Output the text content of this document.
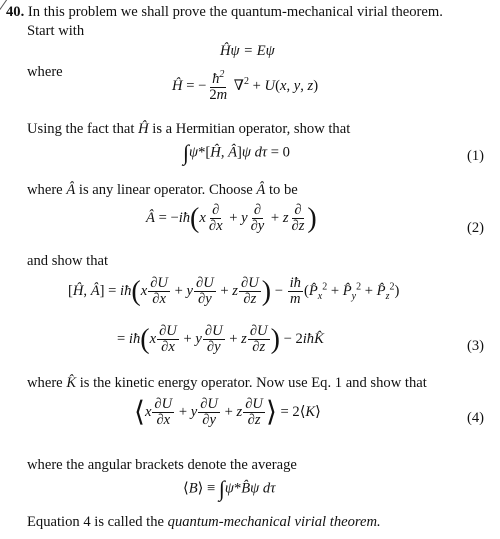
40. In this problem we shall prove the quantum-mechanical virial theorem.
Start with
Ĥψ = Eψ
where
Ĥ = − $\frac{ħ^2}{2m} \nabla^2 + U(x$, y, z)
Using the fact that Ĥ is a Hermitian operator, show that
∫ψ*[Ĥ, Â]ψ dτ = 0	(1)
where Â is any linear operator. Choose Â to be
Â = −iħ(x $\frac{\partial}{\partial x} + y \frac{\partial}{\partial y} + z \frac{\partial}{\partial z}$ )	(2)
and show that
[Ĥ, Â] = iħ(x $\frac{\partial U}{\partial x} + y \frac{\partial U}{\partial y} + z \frac{\partial U}{\partial z}$ ) − $\frac{iħ}{m}$ ($P̂_x^2$ + $P̂_y^2$ + $P̂_z^2$)
= iħ(x $\frac{\partial U}{\partial x} + y \frac{\partial U}{\partial y} + z \frac{\partial U}{\partial z}$ ) − 2iħK̂	(3)
where K̂ is the kinetic energy operator. Now use Eq. 1 and show that
⟨x $\frac{\partial U}{\partial x} + y \frac{\partial U}{\partial y} + z \frac{\partial U}{\partial z}$ ⟩ = 2⟨K⟩	(4)
where the angular brackets denote the average
⟨B⟩ ≡ ∫ψ*B̂ψ dτ
Equation 4 is called the quantum-mechanical virial theorem.
